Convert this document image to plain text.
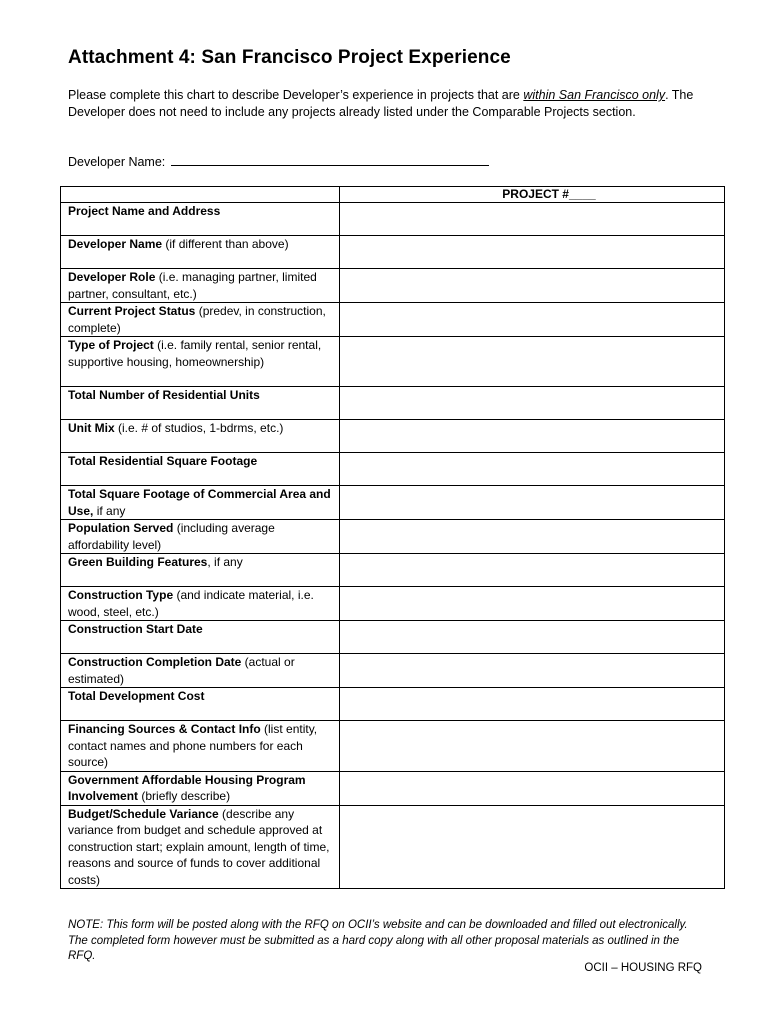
Attachment 4: San Francisco Project Experience
Please complete this chart to describe Developer’s experience in projects that are within San Francisco only. The Developer does not need to include any projects already listed under the Comparable Projects section.
Developer Name:
	PROJECT #____
Project Name and Address	
Developer Name (if different than above)	
Developer Role (i.e. managing partner, limited partner, consultant, etc.)	
Current Project Status (predev, in construction, complete)	
Type of Project (i.e. family rental, senior rental, supportive housing, homeownership)	
Total Number of Residential Units	
Unit Mix (i.e. # of studios, 1-bdrms, etc.)	
Total Residential Square Footage	
Total Square Footage of Commercial Area and Use, if any	
Population Served (including average affordability level)	
Green Building Features, if any	
Construction Type (and indicate material, i.e. wood, steel, etc.)	
Construction Start Date	
Construction Completion Date (actual or estimated)	
Total Development Cost	
Financing Sources & Contact Info (list entity, contact names and phone numbers for each source)	
Government Affordable Housing Program Involvement (briefly describe)	
Budget/Schedule Variance (describe any variance from budget and schedule approved at construction start; explain amount, length of time, reasons and source of funds to cover additional costs)	
NOTE: This form will be posted along with the RFQ on OCII’s website and can be downloaded and filled out electronically. The completed form however must be submitted as a hard copy along with all other proposal materials as outlined in the RFQ.
OCII – HOUSING RFQ
